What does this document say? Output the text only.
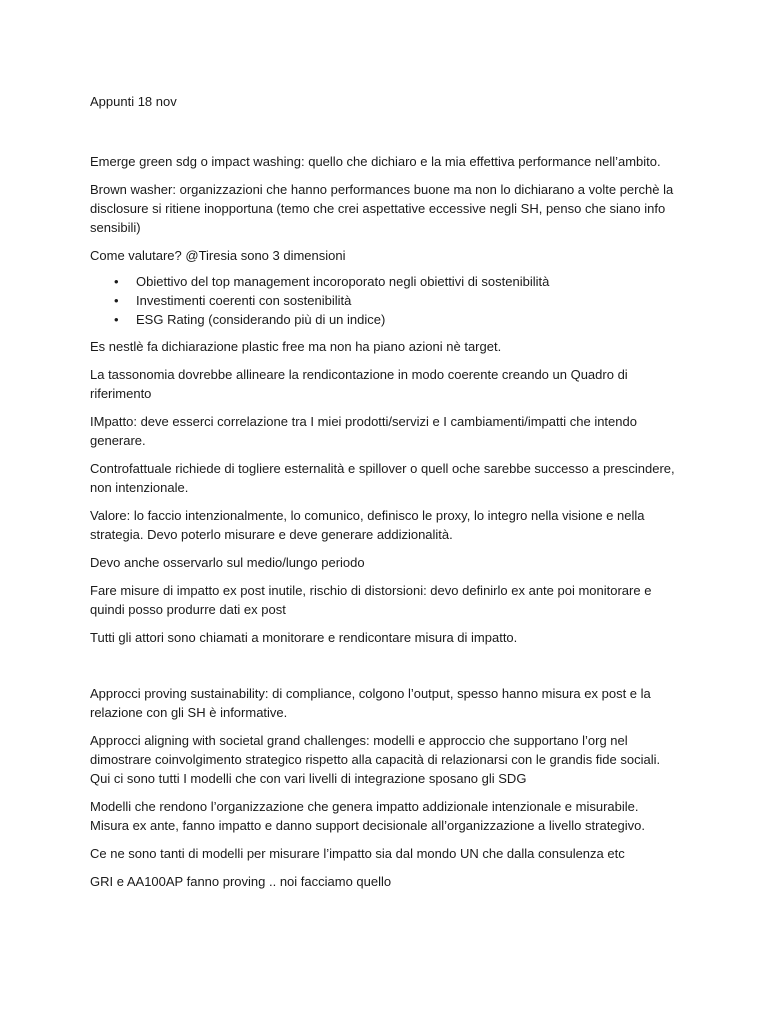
Appunti 18 nov

Emerge green sdg o impact washing: quello che dichiaro e la mia effettiva performance nell’ambito.

Brown washer: organizzazioni che hanno performances buone ma non lo dichiarano a volte perchè la disclosure si ritiene inopportuna (temo che crei aspettative eccessive negli SH, penso che siano info sensibili)

Come valutare? @Tiresia sono 3 dimensioni

• Obiettivo del top management incoroporato negli obiettivi di sostenibilità
• Investimenti coerenti con sostenibilità
• ESG Rating (considerando più di un indice)

Es nestlè fa dichiarazione plastic free ma non ha piano azioni nè target.

La tassonomia dovrebbe allineare la rendicontazione in modo coerente creando un Quadro di riferimento

IMpatto: deve esserci correlazione tra I miei prodotti/servizi e I cambiamenti/impatti che intendo generare.

Controfattuale richiede di togliere esternalità e spillover o quell oche sarebbe successo a prescindere, non intenzionale.

Valore: lo faccio intenzionalmente, lo comunico, definisco le proxy, lo integro nella visione e nella strategia. Devo poterlo misurare e deve generare addizionalità.

Devo anche osservarlo sul medio/lungo periodo

Fare misure di impatto ex post inutile, rischio di distorsioni: devo definirlo ex ante poi monitorare e quindi posso produrre dati ex post

Tutti gli attori sono chiamati a monitorare e rendicontare misura di impatto.

Approcci proving sustainability: di compliance, colgono l’output, spesso hanno misura ex post e la relazione con gli SH è informative.

Approcci aligning with societal grand challenges: modelli e approccio che supportano l’org nel dimostrare coinvolgimento strategico rispetto alla capacità di relazionarsi con le grandis fide sociali. Qui ci sono tutti I modelli che con vari livelli di integrazione sposano gli SDG

Modelli che rendono l’organizzazione che genera impatto addizionale intenzionale e misurabile. Misura ex ante, fanno impatto e danno support decisionale all’organizzazione a livello strategivo.

Ce ne sono tanti di modelli per misurare l’impatto sia dal mondo UN che dalla consulenza etc

GRI e AA100AP fanno proving .. noi facciamo quello
